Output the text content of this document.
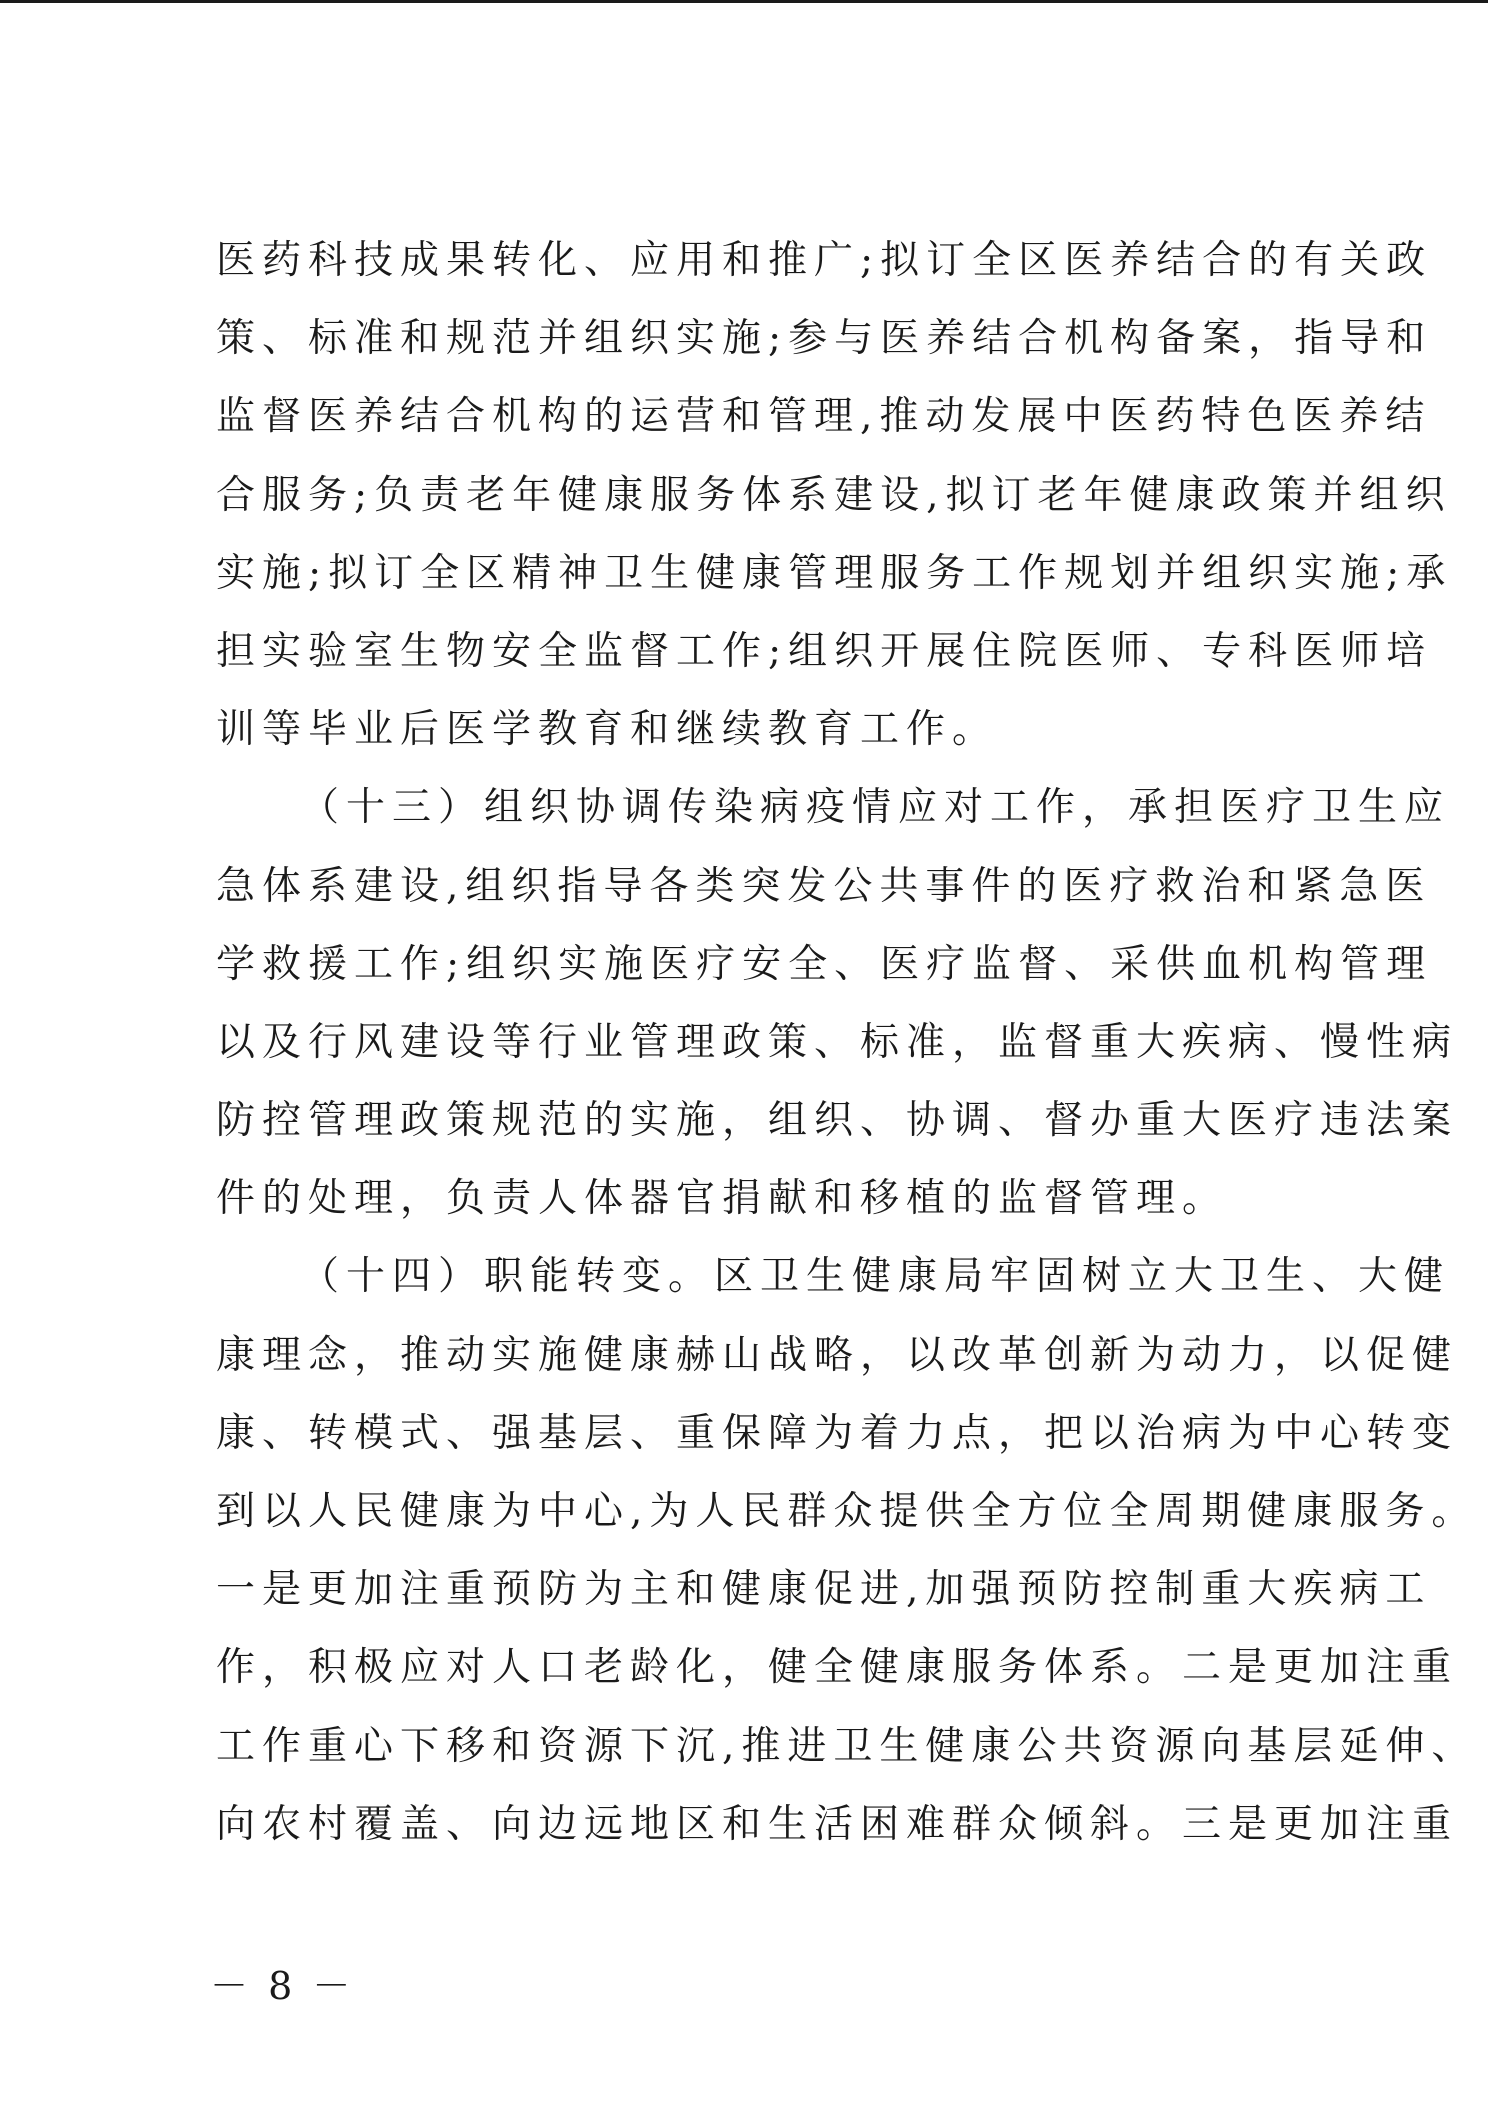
医药科技成果转化、应用和推广;拟订全区医养结合的有关政
策、标准和规范并组织实施;参与医养结合机构备案，指导和
监督医养结合机构的运营和管理,推动发展中医药特色医养结
合服务;负责老年健康服务体系建设,拟订老年健康政策并组织
实施;拟订全区精神卫生健康管理服务工作规划并组织实施;承
担实验室生物安全监督工作;组织开展住院医师、专科医师培
训等毕业后医学教育和继续教育工作。
（十三）组织协调传染病疫情应对工作，承担医疗卫生应
急体系建设,组织指导各类突发公共事件的医疗救治和紧急医
学救援工作;组织实施医疗安全、医疗监督、采供血机构管理
以及行风建设等行业管理政策、标准，监督重大疾病、慢性病
防控管理政策规范的实施，组织、协调、督办重大医疗违法案
件的处理，负责人体器官捐献和移植的监督管理。
（十四）职能转变。区卫生健康局牢固树立大卫生、大健
康理念，推动实施健康赫山战略，以改革创新为动力，以促健
康、转模式、强基层、重保障为着力点，把以治病为中心转变
到以人民健康为中心,为人民群众提供全方位全周期健康服务。
一是更加注重预防为主和健康促进,加强预防控制重大疾病工
作，积极应对人口老龄化，健全健康服务体系。二是更加注重
工作重心下移和资源下沉,推进卫生健康公共资源向基层延伸、
向农村覆盖、向边远地区和生活困难群众倾斜。三是更加注重
－ 8 －
